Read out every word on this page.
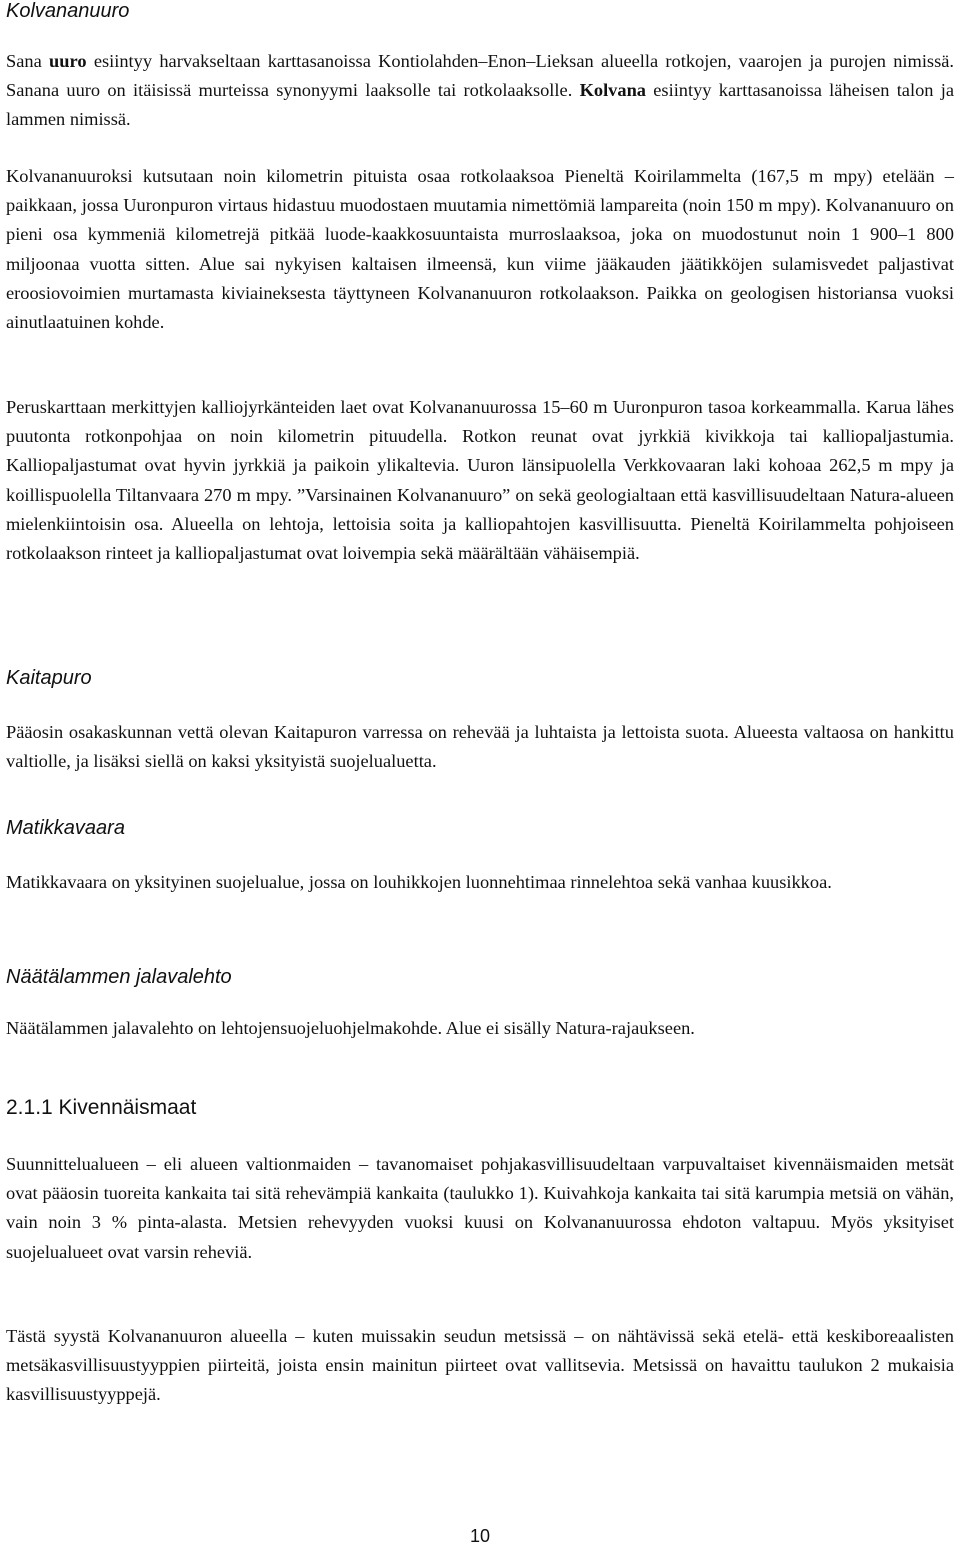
Kolvananuuro

Sana uuro esiintyy harvakseltaan karttasanoissa Kontiolahden–Enon–Lieksan alueella rotkojen, vaarojen ja purojen nimissä. Sanana uuro on itäisissä murteissa synonyymi laaksolle tai rotkolaaksolle. Kolvana esiintyy karttasanoissa läheisen talon ja lammen nimissä.

Kolvananuuroksi kutsutaan noin kilometrin pituista osaa rotkolaaksoa Pieneltä Koirilammelta (167,5 m mpy) etelään – paikkaan, jossa Uuronpuron virtaus hidastuu muodostaen muutamia nimettömiä lampareita (noin 150 m mpy). Kolvananuuro on pieni osa kymmeniä kilometrejä pitkää luode-kaakkosuuntaista murroslaaksoa, joka on muodostunut noin 1 900–1 800 miljoonaa vuotta sitten. Alue sai nykyisen kaltaisen ilmeensä, kun viime jääkauden jäätikköjen sulamisvedet paljastivat eroosiovoimien murtamasta kiviaineksesta täyttyneen Kolvananuuron rotkolaakson. Paikka on geologisen historiansa vuoksi ainutlaatuinen kohde.

Peruskarttaan merkittyjen kalliojyrkänteiden laet ovat Kolvananuurossa 15–60 m Uuronpuron tasoa korkeammalla. Karua lähes puutonta rotkonpohjaa on noin kilometrin pituudella. Rotkon reunat ovat jyrkkiä kivikkoja tai kalliopaljastumia. Kalliopaljastumat ovat hyvin jyrkkiä ja paikoin ylikaltevia. Uuron länsipuolella Verkkovaaran laki kohoaa 262,5 m mpy ja koillispuolella Tiltanvaara 270 m mpy. ”Varsinainen Kolvananuuro” on sekä geologialtaan että kasvillisuudeltaan Natura-alueen mielenkiintoisin osa. Alueella on lehtoja, lettoisia soita ja kalliopahtojen kasvillisuutta. Pieneltä Koirilammelta pohjoiseen rotkolaakson rinteet ja kalliopaljastumat ovat loivempia sekä määrältään vähäisempiä.

Kaitapuro

Pääosin osakaskunnan vettä olevan Kaitapuron varressa on rehevää ja luhtaista ja lettoista suota. Alueesta valtaosa on hankittu valtiolle, ja lisäksi siellä on kaksi yksityistä suojelualuetta.

Matikkavaara

Matikkavaara on yksityinen suojelualue, jossa on louhikkojen luonnehtimaa rinnelehtoa sekä vanhaa kuusikkoa.

Näätälammen jalavalehto

Näätälammen jalavalehto on lehtojensuojeluohjelmakohde. Alue ei sisälly Natura-rajaukseen.

2.1.1 Kivennäismaat

Suunnittelualueen – eli alueen valtionmaiden – tavanomaiset pohjakasvillisuudeltaan varpuvaltaiset kivennäismaiden metsät ovat pääosin tuoreita kankaita tai sitä rehevämpiä kankaita (taulukko 1). Kuivahkoja kankaita tai sitä karumpia metsiä on vähän, vain noin 3 % pinta-alasta. Metsien rehevyyden vuoksi kuusi on Kolvananuurossa ehdoton valtapuu. Myös yksityiset suojelualueet ovat varsin reheviä.

Tästä syystä Kolvananuuron alueella – kuten muissakin seudun metsissä – on nähtävissä sekä etelä- että keskiboreaalisten metsäkasvillisuustyyppien piirteitä, joista ensin mainitun piirteet ovat vallitsevia. Metsissä on havaittu taulukon 2 mukaisia kasvillisuustyyppejä.

10
